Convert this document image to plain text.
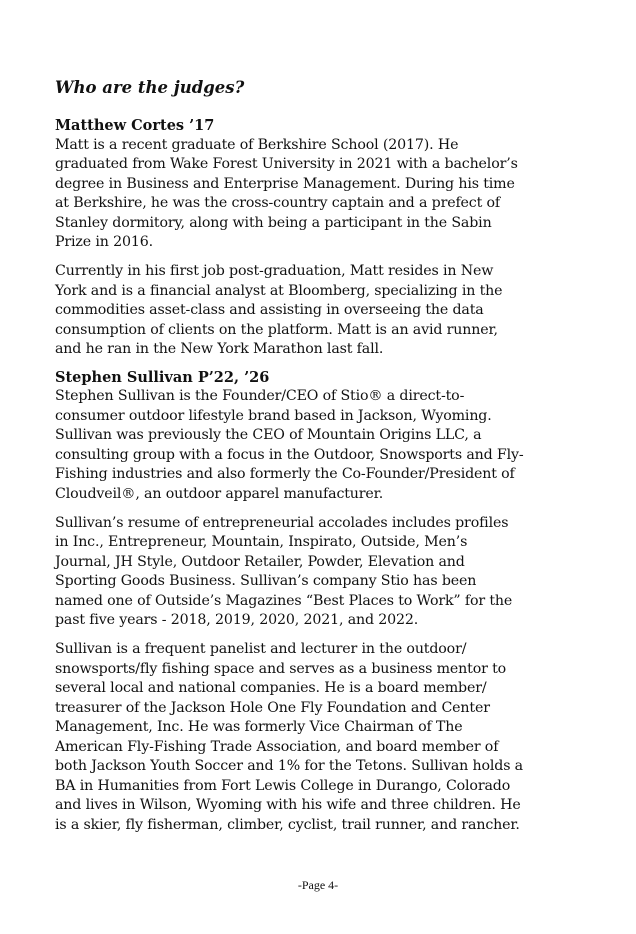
Who are the judges?
Matthew Cortes ’17

Matt is a recent graduate of Berkshire School (2017). He graduated from Wake Forest University in 2021 with a bachelor’s degree in Business and Enterprise Management. During his time at Berkshire, he was the cross-country captain and a prefect of Stanley dormitory, along with being a participant in the Sabin Prize in 2016.

Currently in his first job post-graduation, Matt resides in New York and is a financial analyst at Bloomberg, specializing in the commodities asset-class and assisting in overseeing the data consumption of clients on the platform. Matt is an avid runner, and he ran in the New York Marathon last fall.

Stephen Sullivan P’22, ’26

Stephen Sullivan is the Founder/CEO of Stio® a direct-to-consumer outdoor lifestyle brand based in Jackson, Wyoming. Sullivan was previously the CEO of Mountain Origins LLC, a consulting group with a focus in the Outdoor, Snowsports and Fly-Fishing industries and also formerly the Co-Founder/President of Cloudveil®, an outdoor apparel manufacturer.

Sullivan’s resume of entrepreneurial accolades includes profiles in Inc., Entrepreneur, Mountain, Inspirato, Outside, Men’s Journal, JH Style, Outdoor Retailer, Powder, Elevation and Sporting Goods Business. Sullivan’s company Stio has been named one of Outside’s Magazines “Best Places to Work” for the past five years - 2018, 2019, 2020, 2021, and 2022.

Sullivan is a frequent panelist and lecturer in the outdoor/ snowsports/fly fishing space and serves as a business mentor to several local and national companies. He is a board member/ treasurer of the Jackson Hole One Fly Foundation and Center Management, Inc. He was formerly Vice Chairman of The American Fly-Fishing Trade Association, and board member of both Jackson Youth Soccer and 1% for the Tetons. Sullivan holds a BA in Humanities from Fort Lewis College in Durango, Colorado and lives in Wilson, Wyoming with his wife and three children. He is a skier, fly fisherman, climber, cyclist, trail runner, and rancher.

-Page 4-
